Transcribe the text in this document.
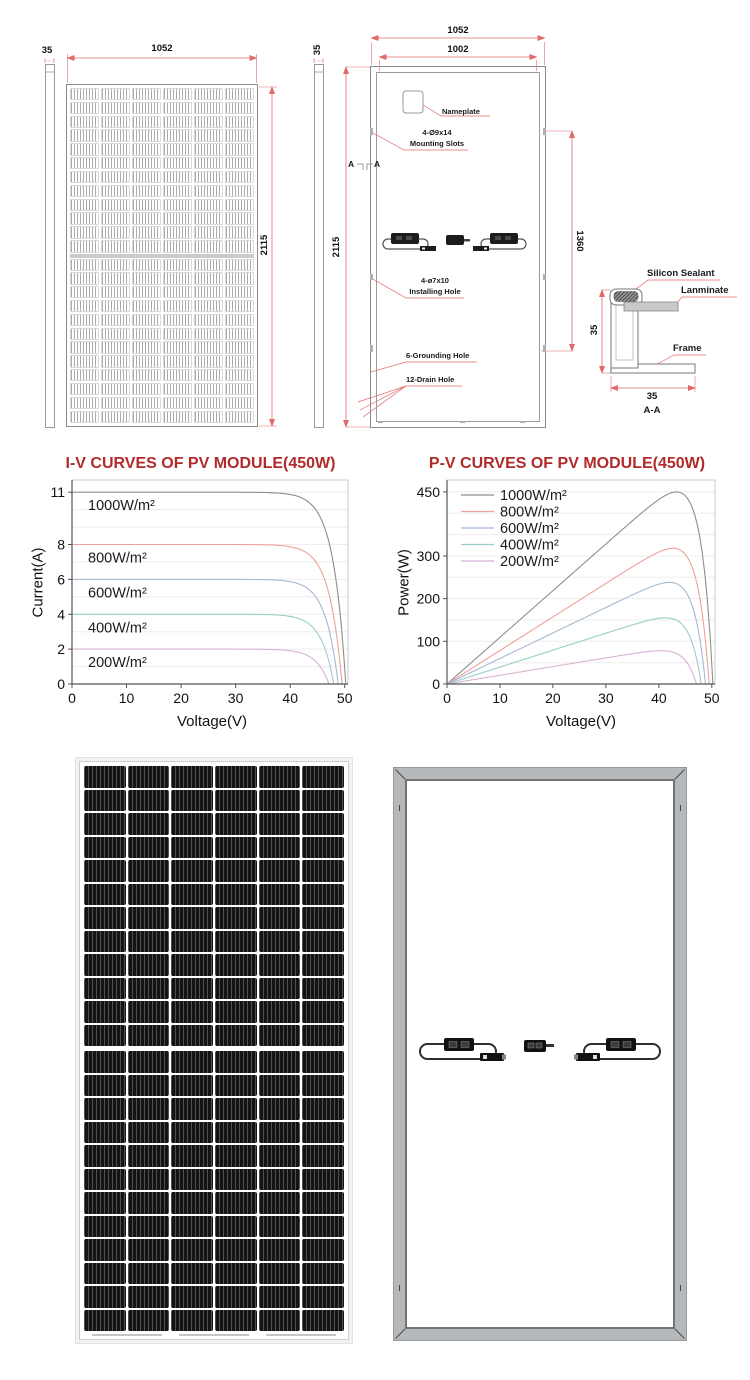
35	1052
2115
35
1052
1002
2115	1360
Nameplate
4-Ø9x14
Mounting Slots
A A
4-ø7x10
Installing Hole
6-Grounding Hole
12-Drain Hole
Silicon Sealant
Lanminate
Frame
35
35
A-A
I-V CURVES OF PV MODULE(450W)
Current(A)
0	10	20	30	40	50
0
2
4
6
8
11
1000W/m²
800W/m²
600W/m²
400W/m²
200W/m²
Voltage(V)
P-V CURVES OF PV MODULE(450W)
Power(W)
0	10	20	30	40	50
0
100
200
300
450	1000W/m²
800W/m²
600W/m²
400W/m²
200W/m²
Voltage(V)
